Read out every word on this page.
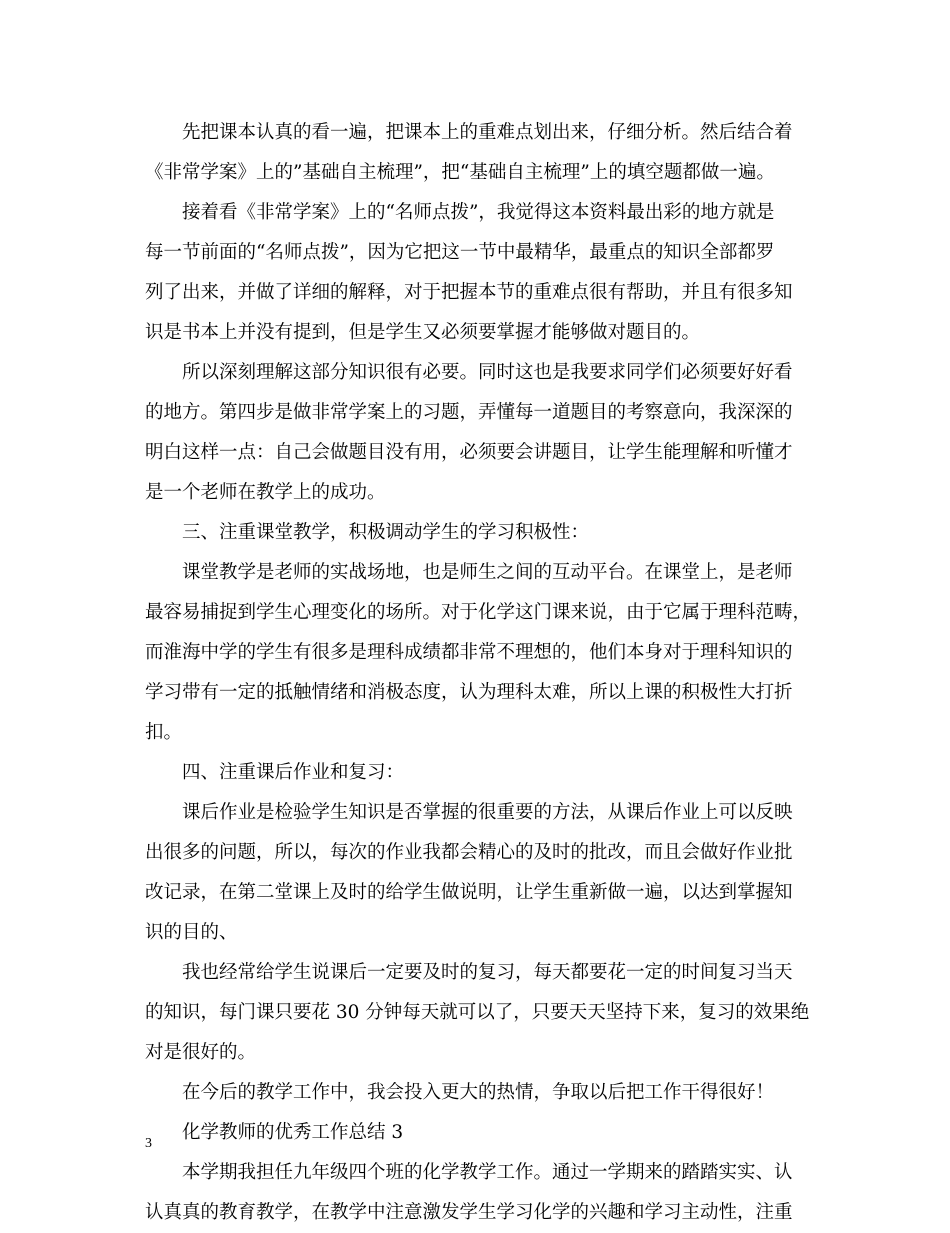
先把课本认真的看一遍，把课本上的重难点划出来，仔细分析。然后结合着
《非常学案》上的”基础自主梳理”，把“基础自主梳理”上的填空题都做一遍。
接着看《非常学案》上的“名师点拨”，我觉得这本资料最出彩的地方就是
每一节前面的“名师点拨”，因为它把这一节中最精华，最重点的知识全部都罗
列了出来，并做了详细的解释，对于把握本节的重难点很有帮助，并且有很多知
识是书本上并没有提到，但是学生又必须要掌握才能够做对题目的。
所以深刻理解这部分知识很有必要。同时这也是我要求同学们必须要好好看
的地方。第四步是做非常学案上的习题，弄懂每一道题目的考察意向，我深深的
明白这样一点：自己会做题目没有用，必须要会讲题目，让学生能理解和听懂才
是一个老师在教学上的成功。
三、注重课堂教学，积极调动学生的学习积极性：
课堂教学是老师的实战场地，也是师生之间的互动平台。在课堂上，是老师
最容易捕捉到学生心理变化的场所。对于化学这门课来说，由于它属于理科范畴，
而淮海中学的学生有很多是理科成绩都非常不理想的，他们本身对于理科知识的
学习带有一定的抵触情绪和消极态度，认为理科太难，所以上课的积极性大打折
扣。
四、注重课后作业和复习：
课后作业是检验学生知识是否掌握的很重要的方法，从课后作业上可以反映
出很多的问题，所以，每次的作业我都会精心的及时的批改，而且会做好作业批
改记录，在第二堂课上及时的给学生做说明，让学生重新做一遍，以达到掌握知
识的目的、
我也经常给学生说课后一定要及时的复习，每天都要花一定的时间复习当天
的知识，每门课只要花 30 分钟每天就可以了，只要天天坚持下来，复习的效果绝
对是很好的。
在今后的教学工作中，我会投入更大的热情，争取以后把工作干得很好！
化学教师的优秀工作总结 3
本学期我担任九年级四个班的化学教学工作。通过一学期来的踏踏实实、认
认真真的教育教学，在教学中注意激发学生学习化学的兴趣和学习主动性，注重
3
